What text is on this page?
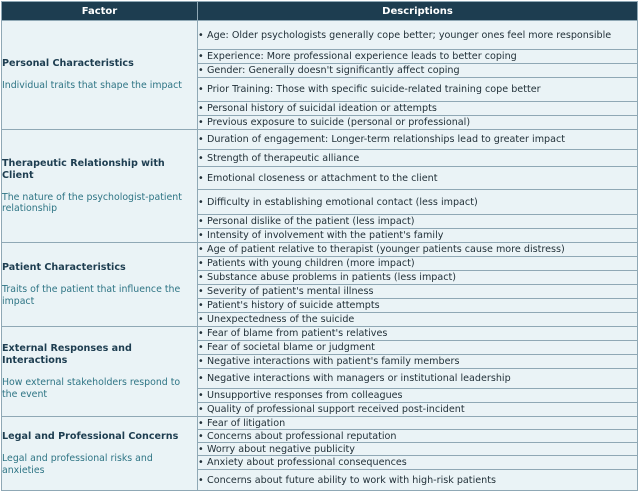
Factor	Descriptions

Personal Characteristics
Individual traits that shape the impact	• Age: Older psychologists generally cope better; younger ones feel more responsible
	• Experience: More professional experience leads to better coping
	• Gender: Generally doesn't significantly affect coping
	• Prior Training: Those with specific suicide-related training cope better
	• Personal history of suicidal ideation or attempts
	• Previous exposure to suicide (personal or professional)

Therapeutic Relationship with Client
The nature of the psychologist-patient relationship	• Duration of engagement: Longer-term relationships lead to greater impact
	• Strength of therapeutic alliance
	• Emotional closeness or attachment to the client
	• Difficulty in establishing emotional contact (less impact)
	• Personal dislike of the patient (less impact)
	• Intensity of involvement with the patient's family

Patient Characteristics
Traits of the patient that influence the impact	• Age of patient relative to therapist (younger patients cause more distress)
	• Patients with young children (more impact)
	• Substance abuse problems in patients (less impact)
	• Severity of patient's mental illness
	• Patient's history of suicide attempts
	• Unexpectedness of the suicide

External Responses and Interactions
How external stakeholders respond to the event	• Fear of blame from patient's relatives
	• Fear of societal blame or judgment
	• Negative interactions with patient's family members
	• Negative interactions with managers or institutional leadership
	• Unsupportive responses from colleagues
	• Quality of professional support received post-incident

Legal and Professional Concerns
Legal and professional risks and anxieties	• Fear of litigation
	• Concerns about professional reputation
	• Worry about negative publicity
	• Anxiety about professional consequences
	• Concerns about future ability to work with high-risk patients
